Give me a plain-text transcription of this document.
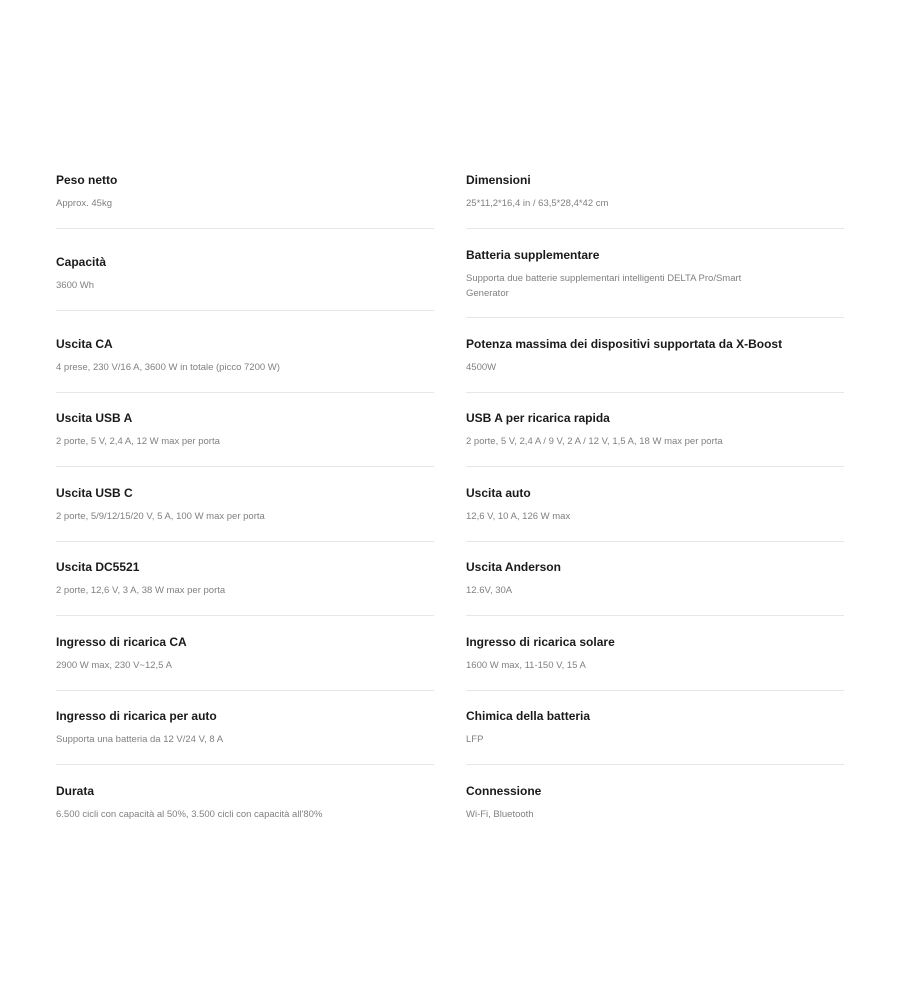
Peso netto
Approx. 45kg
Capacità
3600 Wh
Uscita CA
4 prese, 230 V/16 A, 3600 W in totale (picco 7200 W)
Uscita USB A
2 porte, 5 V, 2,4 A, 12 W max per porta
Uscita USB C
2 porte, 5/9/12/15/20 V, 5 A, 100 W max per porta
Uscita DC5521
2 porte, 12,6 V, 3 A, 38 W max per porta
Ingresso di ricarica CA
2900 W max, 230 V~12,5 A
Ingresso di ricarica per auto
Supporta una batteria da 12 V/24 V, 8 A
Durata
6.500 cicli con capacità al 50%, 3.500 cicli con capacità all'80%
Dimensioni
25*11,2*16,4 in / 63,5*28,4*42 cm
Batteria supplementare
Supporta due batterie supplementari intelligenti DELTA Pro/Smart Generator
Potenza massima dei dispositivi supportata da X-Boost
4500W
USB A per ricarica rapida
2 porte, 5 V, 2,4 A / 9 V, 2 A / 12 V, 1,5 A, 18 W max per porta
Uscita auto
12,6 V, 10 A, 126 W max
Uscita Anderson
12.6V, 30A
Ingresso di ricarica solare
1600 W max, 11-150 V, 15 A
Chimica della batteria
LFP
Connessione
Wi-Fi, Bluetooth
